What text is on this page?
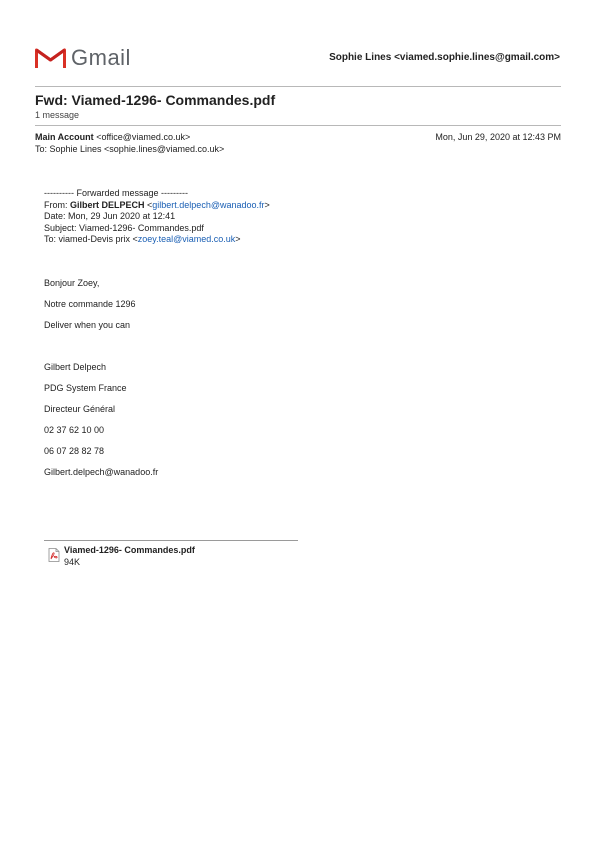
Gmail	Sophie Lines <viamed.sophie.lines@gmail.com>
Fwd: Viamed-1296- Commandes.pdf
1 message
Main Account <office@viamed.co.uk>	Mon, Jun 29, 2020 at 12:43 PM
To: Sophie Lines <sophie.lines@viamed.co.uk>
---------- Forwarded message ---------
From: Gilbert DELPECH <gilbert.delpech@wanadoo.fr>
Date: Mon, 29 Jun 2020 at 12:41
Subject: Viamed-1296- Commandes.pdf
To: viamed-Devis prix <zoey.teal@viamed.co.uk>
Bonjour Zoey,
Notre commande 1296
Deliver when you can
Gilbert Delpech
PDG System France
Directeur Général
02 37 62 10 00
06 07 28 82 78
Gilbert.delpech@wanadoo.fr
Viamed-1296- Commandes.pdf
94K
